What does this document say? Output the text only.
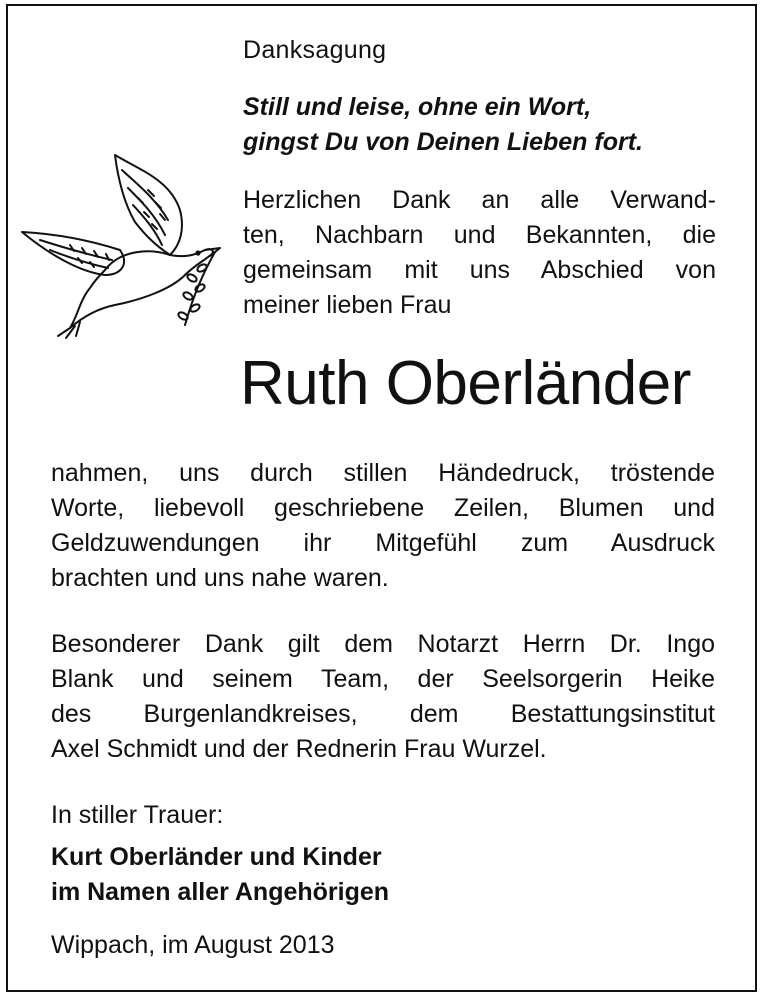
Danksagung

Still und leise, ohne ein Wort,
gingst Du von Deinen Lieben fort.

Herzlichen Dank an alle Verwand-
ten, Nachbarn und Bekannten, die
gemeinsam mit uns Abschied von
meiner lieben Frau
Ruth Oberländer
nahmen, uns durch stillen Händedruck, tröstende
Worte, liebevoll geschriebene Zeilen, Blumen und
Geldzuwendungen ihr Mitgefühl zum Ausdruck
brachten und uns nahe waren.
Besonderer Dank gilt dem Notarzt Herrn Dr. Ingo
Blank und seinem Team, der Seelsorgerin Heike
des Burgenlandkreises, dem Bestattungsinstitut
Axel Schmidt und der Rednerin Frau Wurzel.

In stiller Trauer:

Kurt Oberländer und Kinder
im Namen aller Angehörigen

Wippach, im August 2013
